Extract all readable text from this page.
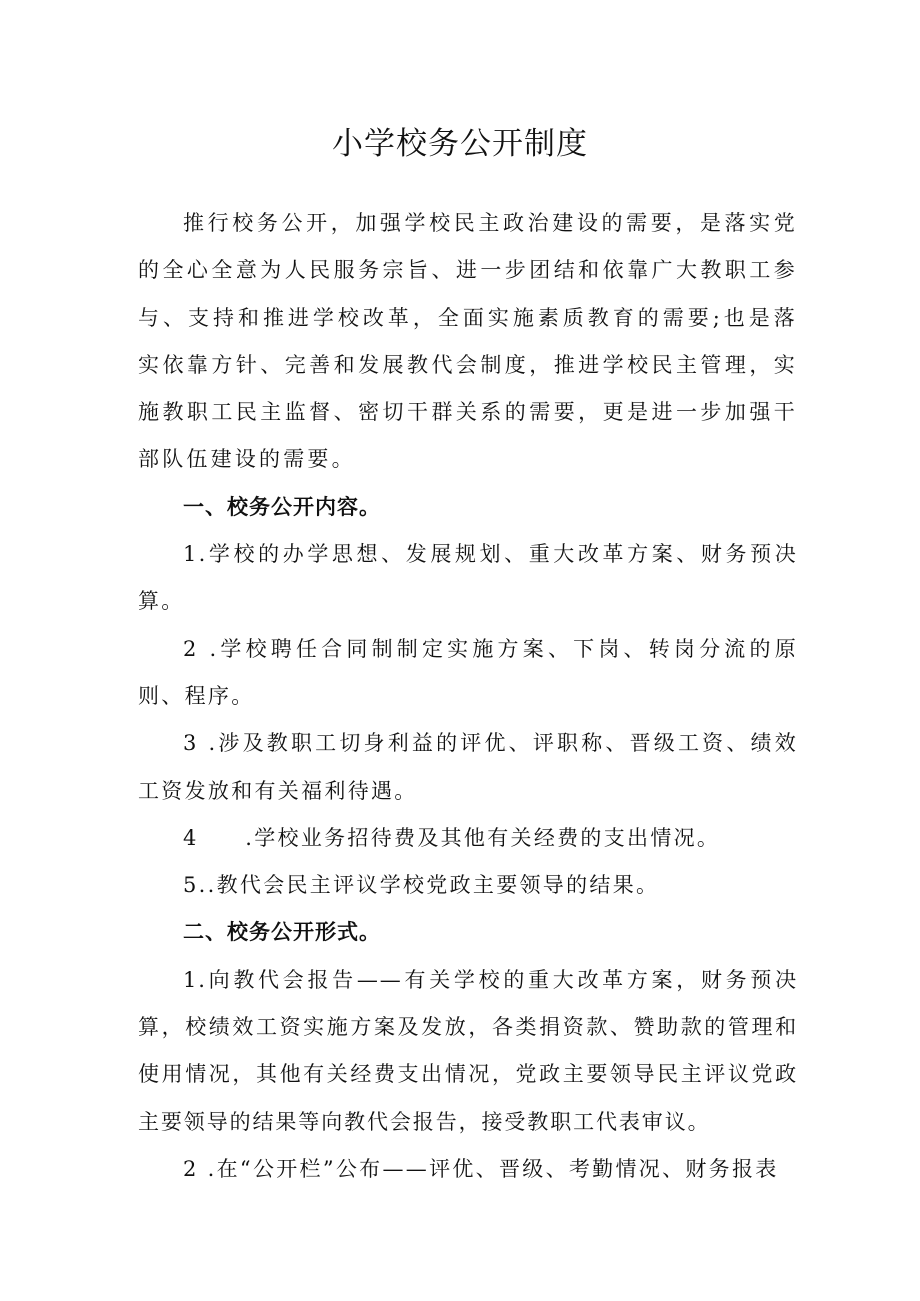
小学校务公开制度

推行校务公开，加强学校民主政治建设的需要，是落实党的全心全意为人民服务宗旨、进一步团结和依靠广大教职工参与、支持和推进学校改革，全面实施素质教育的需要;也是落实依靠方针、完善和发展教代会制度，推进学校民主管理，实施教职工民主监督、密切干群关系的需要，更是进一步加强干部队伍建设的需要。

一、校务公开内容。

1.学校的办学思想、发展规划、重大改革方案、财务预决算。

2 .学校聘任合同制制定实施方案、下岗、转岗分流的原则、程序。

3 .涉及教职工切身利益的评优、评职称、晋级工资、绩效工资发放和有关福利待遇。

4　　.学校业务招待费及其他有关经费的支出情况。

5..教代会民主评议学校党政主要领导的结果。

二、校务公开形式。

1.向教代会报告——有关学校的重大改革方案，财务预决算，校绩效工资实施方案及发放，各类捐资款、赞助款的管理和使用情况，其他有关经费支出情况，党政主要领导民主评议党政主要领导的结果等向教代会报告，接受教职工代表审议。

2 .在“公开栏”公布——评优、晋级、考勤情况、财务报表
